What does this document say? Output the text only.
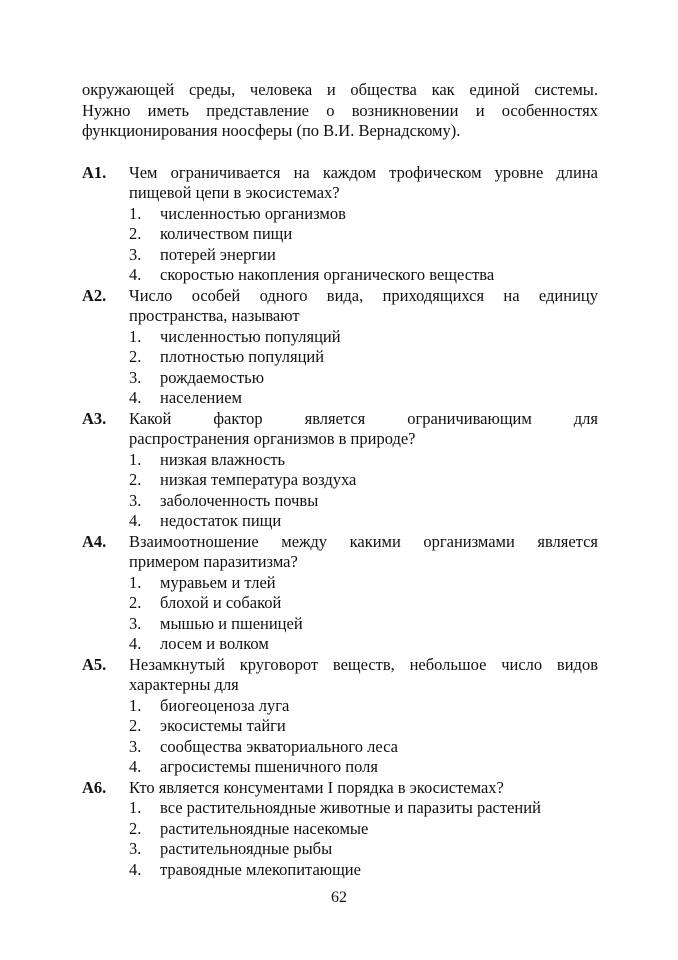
окружающей среды, человека и общества как единой системы.
Нужно иметь представление о возникновении и особенностях
функционирования ноосферы (по В.И. Вернадскому).
А1. Чем ограничивается на каждом трофическом уровне длина
пищевой цепи в экосистемах?
1.	численностью организмов
2.	количеством пищи
3.	потерей энергии
4.	скоростью накопления органического вещества
А2. Число особей одного вида, приходящихся на единицу
пространства, называют
1.	численностью популяций
2.	плотностью популяций
3.	рождаемостью
4.	населением
А3. Какой фактор является ограничивающим для
распространения организмов в природе?
1.	низкая влажность
2.	низкая температура воздуха
3.	заболоченность почвы
4.	недостаток пищи
А4. Взаимоотношение между какими организмами является
примером паразитизма?
1.	муравьем и тлей
2.	блохой и собакой
3.	мышью и пшеницей
4.	лосем и волком
А5. Незамкнутый круговорот веществ, небольшое число видов
характерны для
1.	биогеоценоза луга
2.	экосистемы тайги
3.	сообщества экваториального леса
4.	агросистемы пшеничного поля
А6. Кто является консументами I порядка в экосистемах?
1.	все растительноядные животные и паразиты растений
2.	растительноядные насекомые
3.	растительноядные рыбы
4.	травоядные млекопитающие
62
